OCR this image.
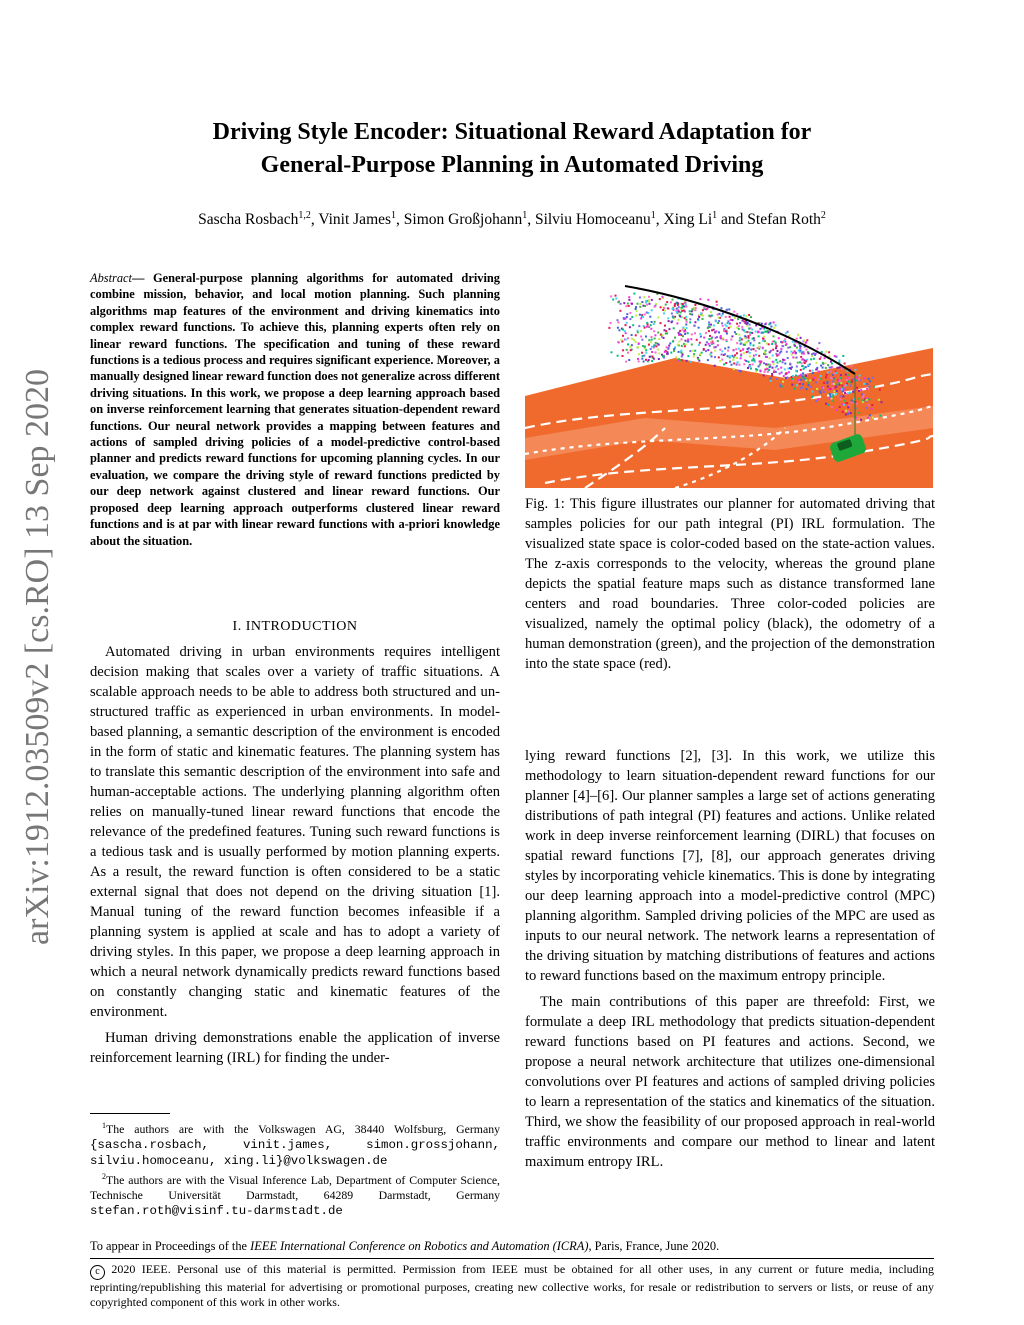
arXiv:1912.03509v2 [cs.RO] 13 Sep 2020
Driving Style Encoder: Situational Reward Adaptation for
General-Purpose Planning in Automated Driving
Sascha Rosbach$^{1,2}$, Vinit James$^1$, Simon Großjohann$^1$, Silviu Homoceanu$^1$, Xing Li$^1$ and Stefan Roth$^2$
Abstract— General-purpose planning algorithms for automated driving combine mission, behavior, and local motion planning. Such planning algorithms map features of the environment and driving kinematics into complex reward functions. To achieve this, planning experts often rely on linear reward functions. The specification and tuning of these reward functions is a tedious process and requires significant experience. Moreover, a manually designed linear reward function does not generalize across different driving situations. In this work, we propose a deep learning approach based on inverse reinforcement learning that generates situation-dependent reward functions. Our neural network provides a mapping between features and actions of sampled driving policies of a model-predictive control-based planner and predicts reward functions for upcoming planning cycles. In our evaluation, we compare the driving style of reward functions predicted by our deep network against clustered and linear reward functions. Our proposed deep learning approach outperforms clustered linear reward functions and is at par with linear reward functions with a-priori knowledge about the situation.
I. INTRODUCTION

Automated driving in urban environments requires intelligent decision making that scales over a variety of traffic situations. A scalable approach needs to be able to address both structured and un-structured traffic as experienced in urban environments. In model-based planning, a semantic description of the environment is encoded in the form of static and kinematic features. The planning system has to translate this semantic description of the environment into safe and human-acceptable actions. The underlying planning algorithm often relies on manually-tuned linear reward functions that encode the relevance of the predefined features. Tuning such reward functions is a tedious task and is usually performed by motion planning experts. As a result, the reward function is often considered to be a static external signal that does not depend on the driving situation [1]. Manual tuning of the reward function becomes infeasible if a planning system is applied at scale and has to adopt a variety of driving styles. In this paper, we propose a deep learning approach in which a neural network dynamically predicts reward functions based on constantly changing static and kinematic features of the environment.

Human driving demonstrations enable the application of inverse reinforcement learning (IRL) for finding the under-

$^1$The authors are with the Volkswagen AG, 38440 Wolfsburg, Germany {sascha.rosbach, vinit.james, simon.grossjohann, silviu.homoceanu, xing.li}@volkswagen.de

$^2$The authors are with the Visual Inference Lab, Department of Computer Science, Technische Universität Darmstadt, 64289 Darmstadt, Germany stefan.roth@visinf.tu-darmstadt.de

Fig. 1: This figure illustrates our planner for automated driving that samples policies for our path integral (PI) IRL formulation. The visualized state space is color-coded based on the state-action values. The z-axis corresponds to the velocity, whereas the ground plane depicts the spatial feature maps such as distance transformed lane centers and road boundaries. Three color-coded policies are visualized, namely the optimal policy (black), the odometry of a human demonstration (green), and the projection of the demonstration into the state space (red).

lying reward functions [2], [3]. In this work, we utilize this methodology to learn situation-dependent reward functions for our planner [4]–[6]. Our planner samples a large set of actions generating distributions of path integral (PI) features and actions. Unlike related work in deep inverse reinforcement learning (DIRL) that focuses on spatial reward functions [7], [8], our approach generates driving styles by incorporating vehicle kinematics. This is done by integrating our deep learning approach into a model-predictive control (MPC) planning algorithm. Sampled driving policies of the MPC are used as inputs to our neural network. The network learns a representation of the driving situation by matching distributions of features and actions to reward functions based on the maximum entropy principle.

The main contributions of this paper are threefold: First, we formulate a deep IRL methodology that predicts situation-dependent reward functions based on PI features and actions. Second, we propose a neural network architecture that utilizes one-dimensional convolutions over PI features and actions of sampled driving policies to learn a representation of the statics and kinematics of the situation. Third, we show the feasibility of our proposed approach in real-world traffic environments and compare our method to linear and latent maximum entropy IRL.

To appear in Proceedings of the IEEE International Conference on Robotics and Automation (ICRA), Paris, France, June 2020.
c 2020 IEEE. Personal use of this material is permitted. Permission from IEEE must be obtained for all other uses, in any current or future media, including reprinting/republishing this material for advertising or promotional purposes, creating new collective works, for resale or redistribution to servers or lists, or reuse of any copyrighted component of this work in other works.
